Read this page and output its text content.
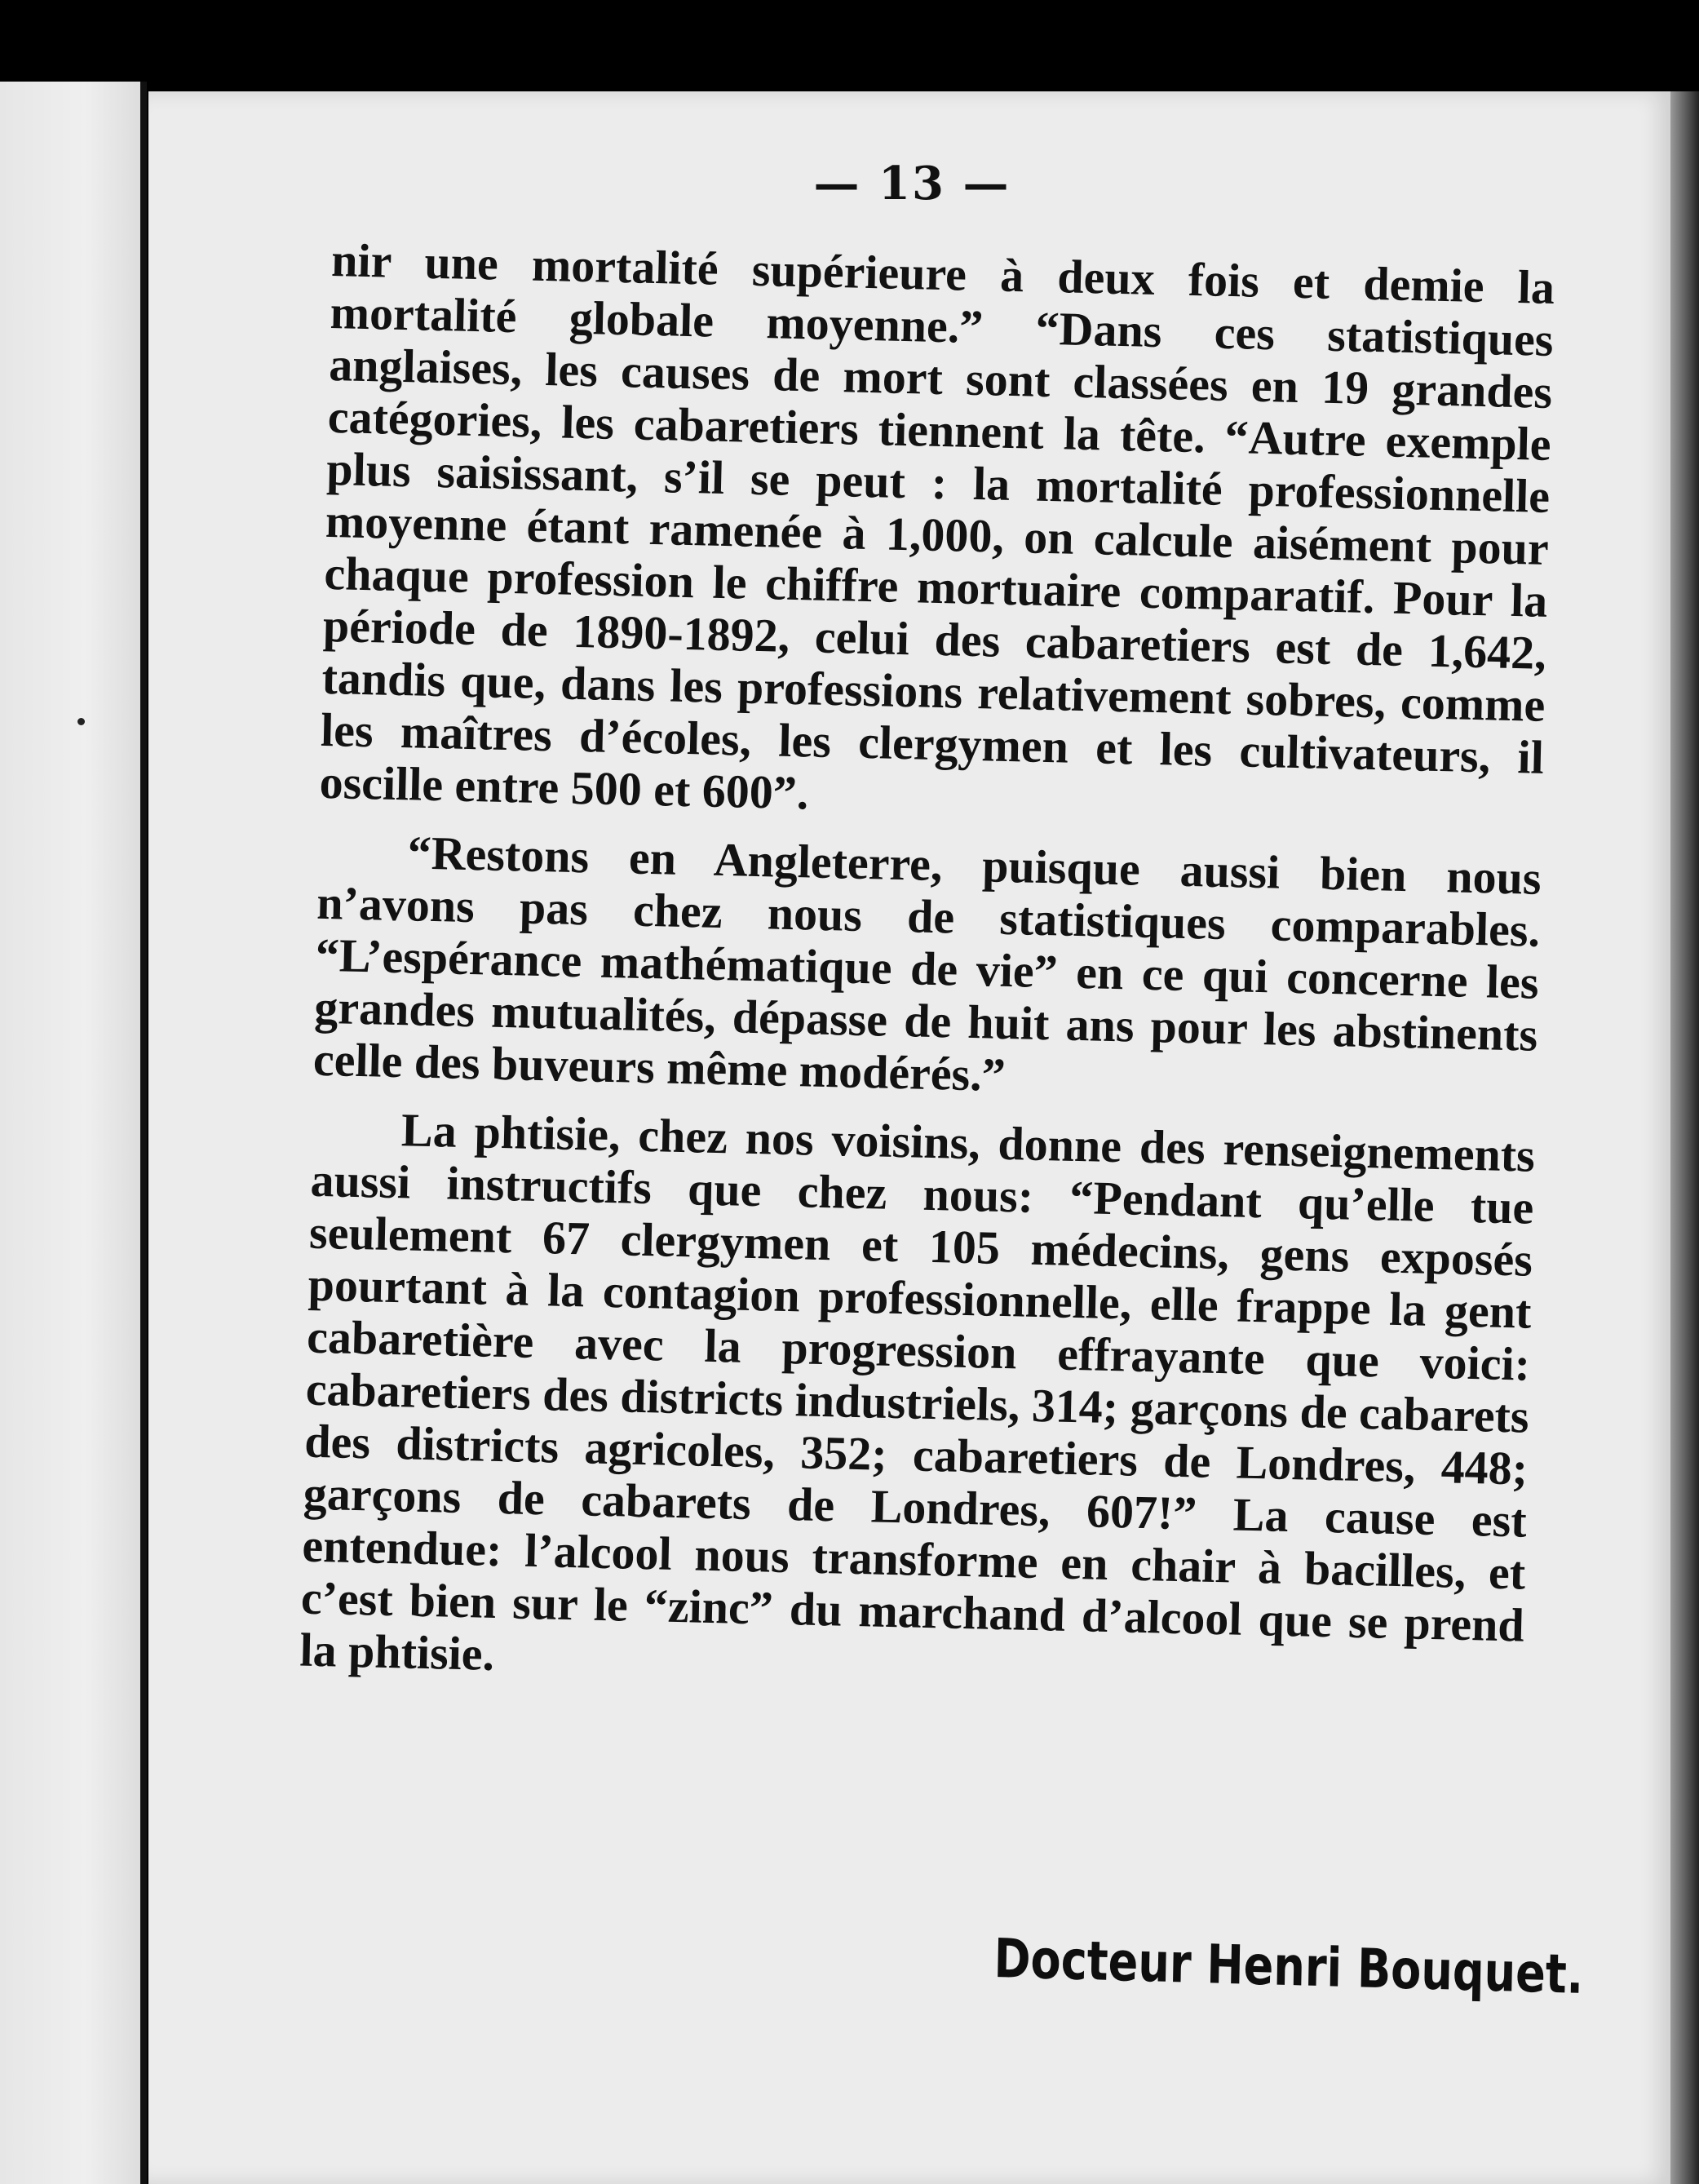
— 13 —

nir une mortalité supérieure à deux fois et demie la mortalité globale moyenne.” “Dans ces statistiques anglaises, les causes de mort sont classées en 19 grandes catégories, les cabaretiers tiennent la tête. “Autre exemple plus saisissant, s’il se peut : la mortalité professionnelle moyenne étant ramenée à 1,000, on calcule aisément pour chaque profession le chiffre mortuaire comparatif. Pour la période de 1890-1892, celui des cabaretiers est de 1,642, tandis que, dans les professions relativement sobres, comme les maîtres d’écoles, les clergymen et les cultivateurs, il oscille entre 500 et 600”.

“Restons en Angleterre, puisque aussi bien nous n’avons pas chez nous de statistiques comparables. “L’espérance mathématique de vie” en ce qui concerne les grandes mutualités, dépasse de huit ans pour les abstinents celle des buveurs même modérés.”

La phtisie, chez nos voisins, donne des renseignements aussi instructifs que chez nous: “Pendant qu’elle tue seulement 67 clergymen et 105 médecins, gens exposés pourtant à la contagion professionnelle, elle frappe la gent cabaretière avec la progression effrayante que voici: cabaretiers des districts industriels, 314; garçons de cabarets des districts agricoles, 352; cabaretiers de Londres, 448; garçons de cabarets de Londres, 607!” La cause est entendue: l’alcool nous transforme en chair à bacilles, et c’est bien sur le “zinc” du marchand d’alcool que se prend la phtisie.

Docteur Henri Bouquet.
